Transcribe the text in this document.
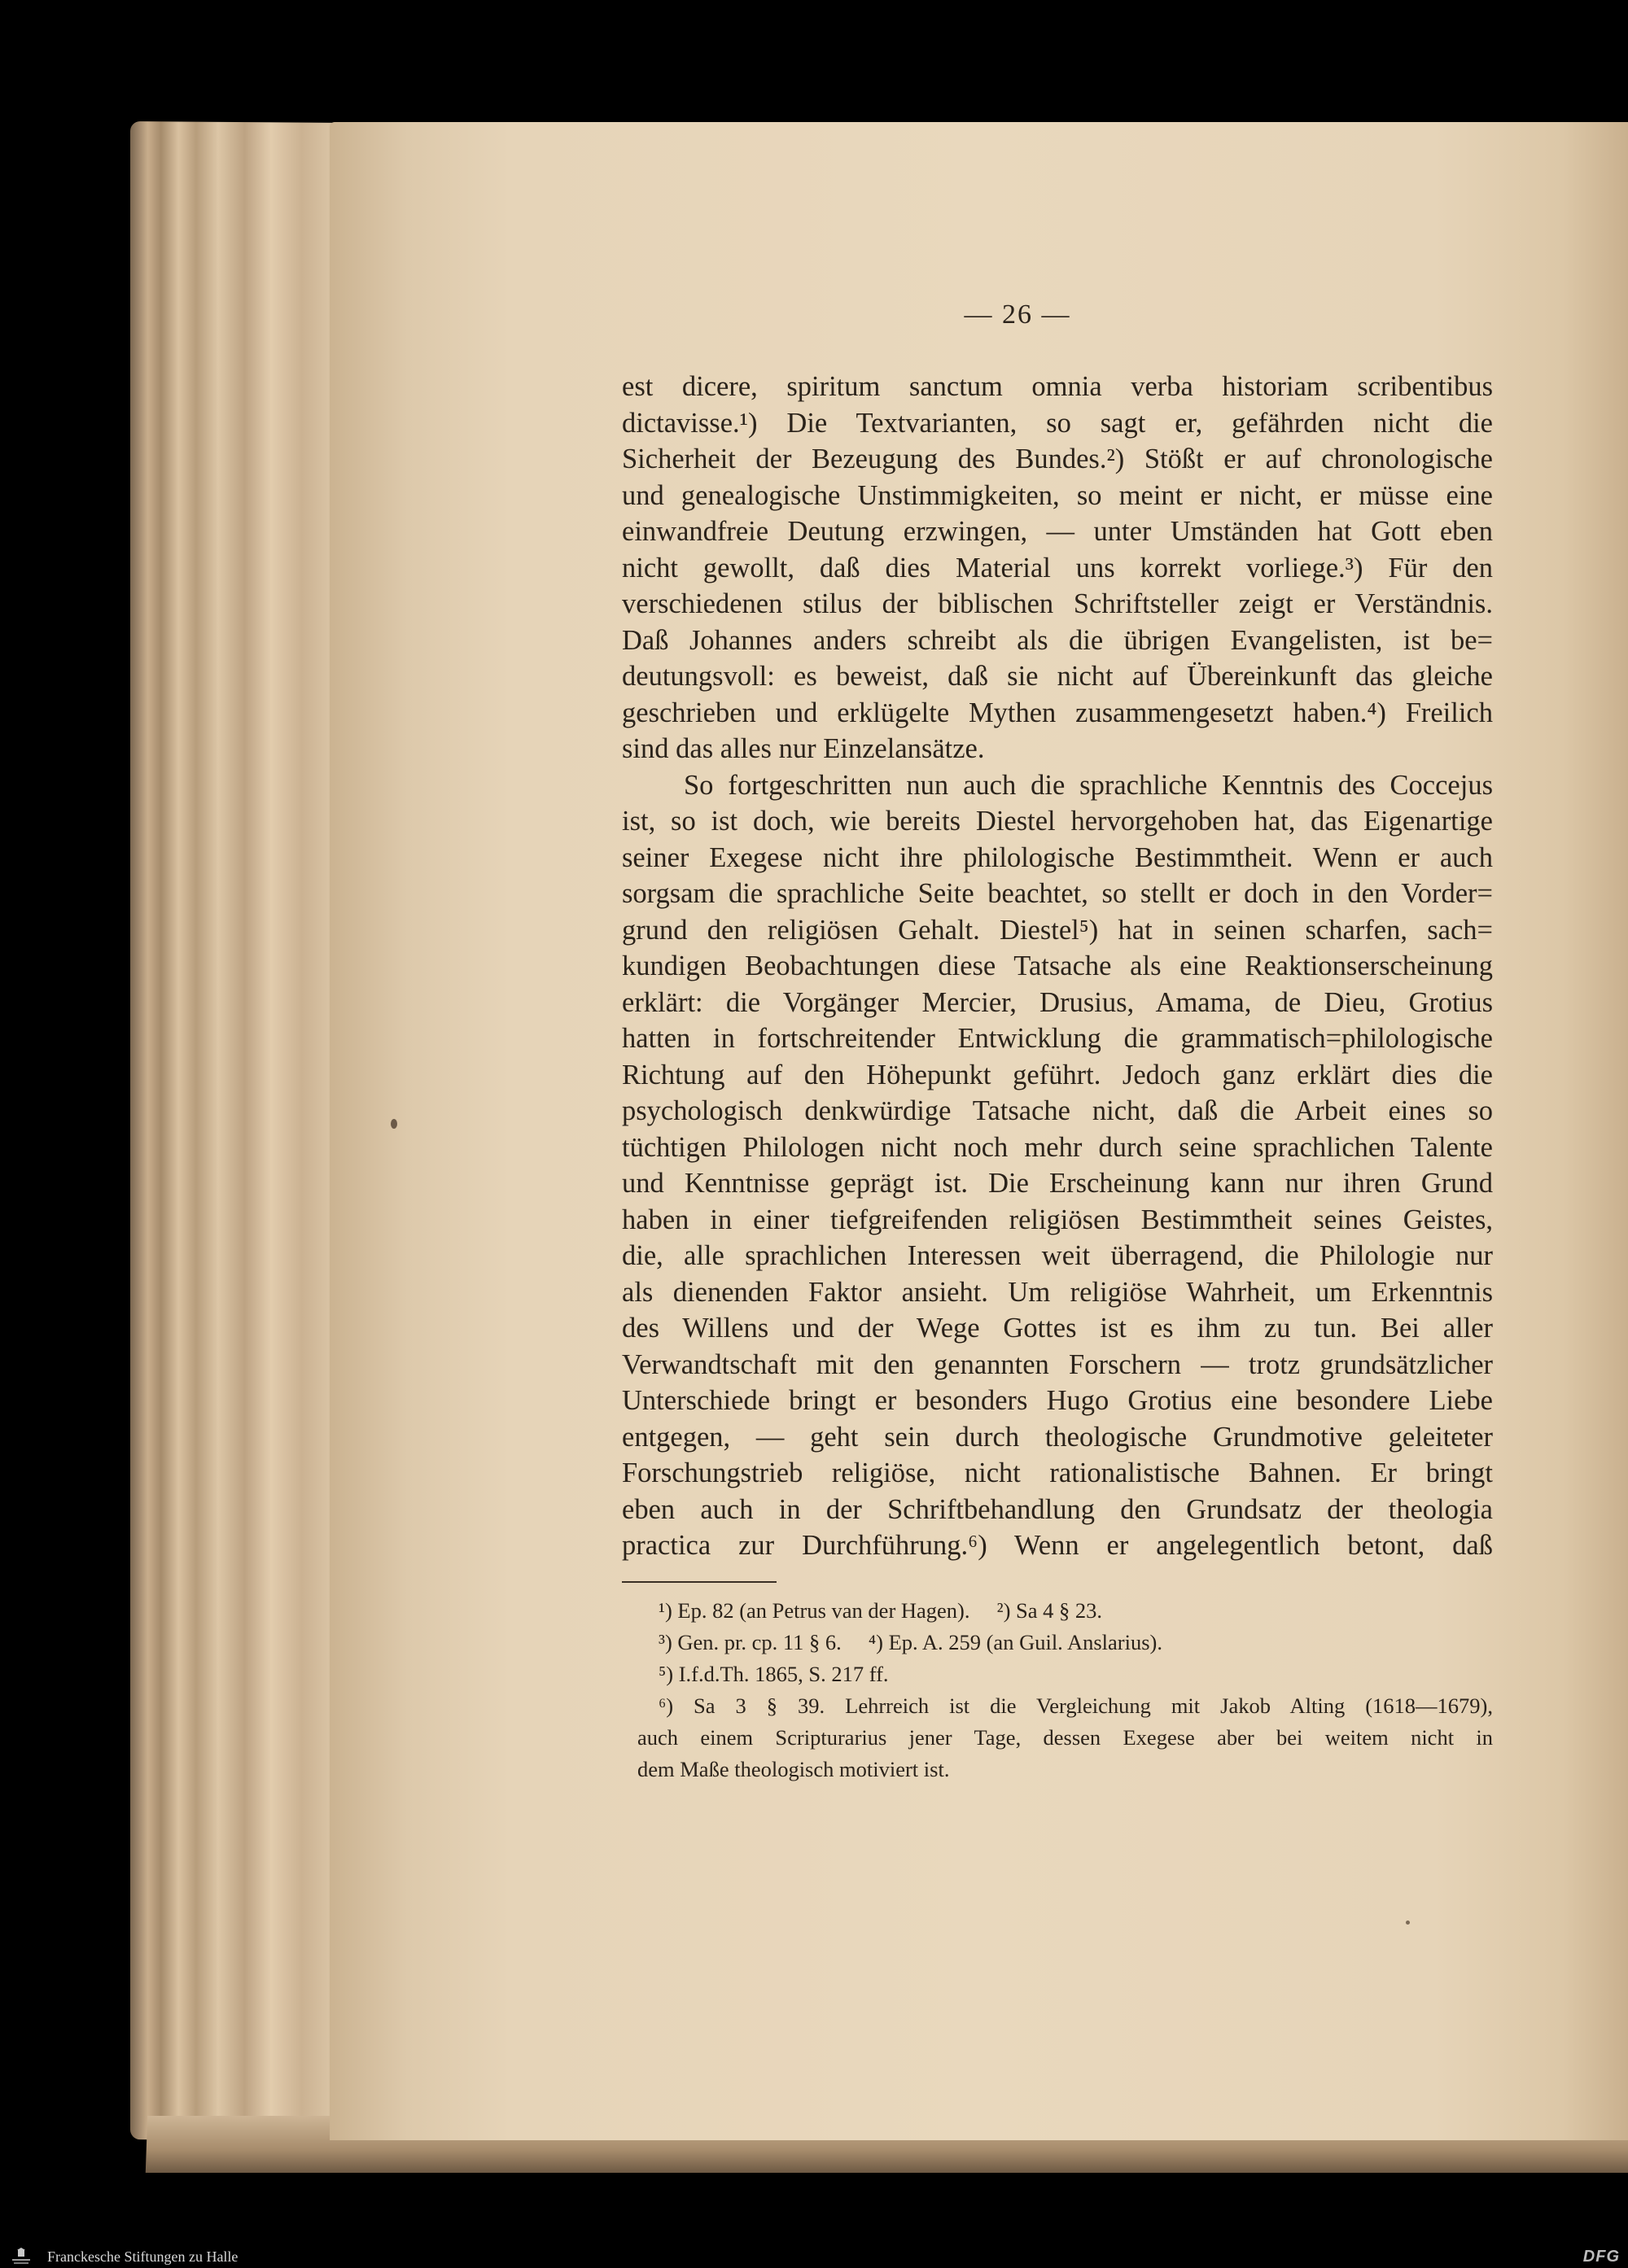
— 26 —
est dicere, spiritum sanctum omnia verba historiam scribentibus
dictavisse.¹) Die Textvarianten, so sagt er, gefährden nicht die
Sicherheit der Bezeugung des Bundes.²) Stößt er auf chronologische
und genealogische Unstimmigkeiten, so meint er nicht, er müsse eine
einwandfreie Deutung erzwingen, — unter Umständen hat Gott eben
nicht gewollt, daß dies Material uns korrekt vorliege.³) Für den
verschiedenen stilus der biblischen Schriftsteller zeigt er Verständnis.
Daß Johannes anders schreibt als die übrigen Evangelisten, ist be=
deutungsvoll: es beweist, daß sie nicht auf Übereinkunft das gleiche
geschrieben und erklügelte Mythen zusammengesetzt haben.⁴) Freilich
sind das alles nur Einzelansätze.
So fortgeschritten nun auch die sprachliche Kenntnis des Coccejus
ist, so ist doch, wie bereits Diestel hervorgehoben hat, das Eigenartige
seiner Exegese nicht ihre philologische Bestimmtheit. Wenn er auch
sorgsam die sprachliche Seite beachtet, so stellt er doch in den Vorder=
grund den religiösen Gehalt. Diestel⁵) hat in seinen scharfen, sach=
kundigen Beobachtungen diese Tatsache als eine Reaktionserscheinung
erklärt: die Vorgänger Mercier, Drusius, Amama, de Dieu, Grotius
hatten in fortschreitender Entwicklung die grammatisch=philologische
Richtung auf den Höhepunkt geführt. Jedoch ganz erklärt dies die
psychologisch denkwürdige Tatsache nicht, daß die Arbeit eines so
tüchtigen Philologen nicht noch mehr durch seine sprachlichen Talente
und Kenntnisse geprägt ist. Die Erscheinung kann nur ihren Grund
haben in einer tiefgreifenden religiösen Bestimmtheit seines Geistes,
die, alle sprachlichen Interessen weit überragend, die Philologie nur
als dienenden Faktor ansieht. Um religiöse Wahrheit, um Erkenntnis
des Willens und der Wege Gottes ist es ihm zu tun. Bei aller
Verwandtschaft mit den genannten Forschern — trotz grundsätzlicher
Unterschiede bringt er besonders Hugo Grotius eine besondere Liebe
entgegen, — geht sein durch theologische Grundmotive geleiteter
Forschungstrieb religiöse, nicht rationalistische Bahnen. Er bringt
eben auch in der Schriftbehandlung den Grundsatz der theologia
practica zur Durchführung.⁶) Wenn er angelegentlich betont, daß
¹) Ep. 82 (an Petrus van der Hagen).     ²) Sa 4 § 23.
³) Gen. pr. cp. 11 § 6.     ⁴) Ep. A. 259 (an Guil. Anslarius).
⁵) I.f.d.Th. 1865, S. 217 ff.
⁶) Sa 3 § 39. Lehrreich ist die Vergleichung mit Jakob Alting (1618—1679),
auch einem Scripturarius jener Tage, dessen Exegese aber bei weitem nicht in
dem Maße theologisch motiviert ist.
Franckesche Stiftungen zu Halle	DFG
